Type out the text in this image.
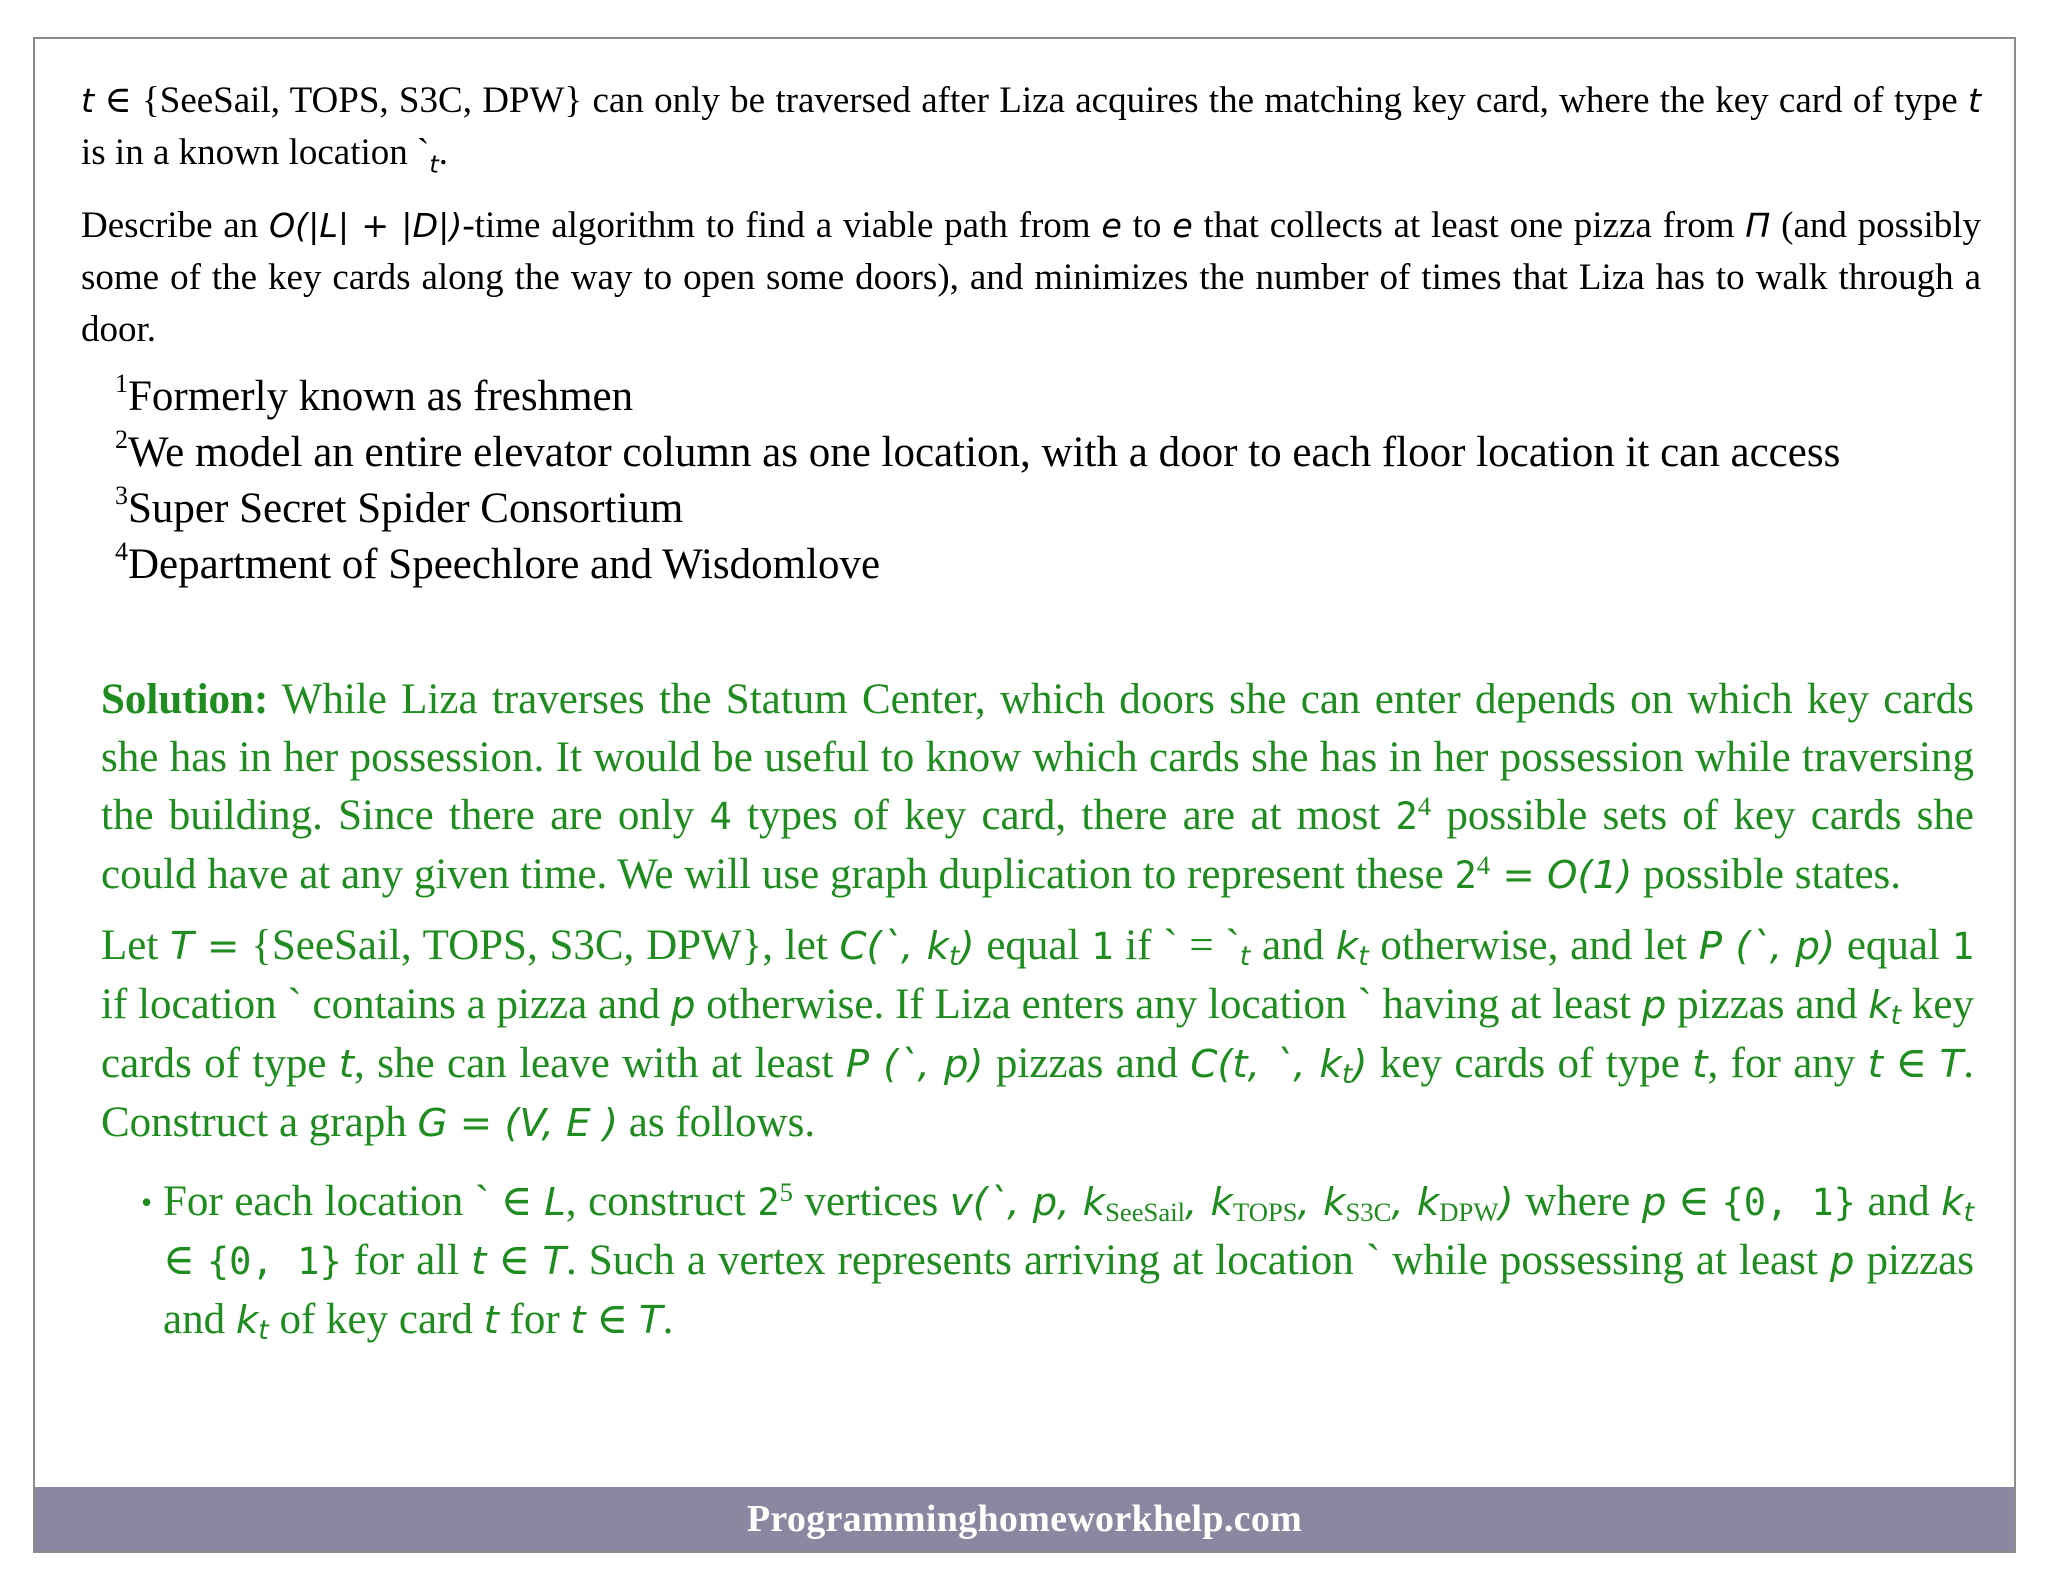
t ∈ {SeeSail, TOPS, S3C, DPW} can only be traversed after Liza acquires the matching key card, where the key card of type t is in a known location $`_t$.

Describe an O(|L| + |D|)-time algorithm to find a viable path from e to e that collects at least one pizza from Π (and possibly some of the key cards along the way to open some doors), and minimizes the number of times that Liza has to walk through a door.

$^1$Formerly known as freshmen
$^2$We model an entire elevator column as one location, with a door to each floor location it can access
$^3$Super Secret Spider Consortium
$^4$Department of Speechlore and Wisdomlove

Solution: While Liza traverses the Statum Center, which doors she can enter depends on which key cards she has in her possession. It would be useful to know which cards she has in her possession while traversing the building. Since there are only 4 types of key card, there are at most $2^4$ possible sets of key cards she could have at any given time. We will use graph duplication to represent these $2^4 = O(1)$ possible states.

Let T = {SeeSail, TOPS, S3C, DPW}, let C(`, $k_t$) equal 1 if ` = $`_t$ and $k_t$ otherwise, and let P (`, p) equal 1 if location ` contains a pizza and p otherwise. If Liza enters any location ` having at least p pizzas and $k_t$ key cards of type t, she can leave with at least P (`, p) pizzas and C(t, `, $k_t$) key cards of type t, for any t ∈ T. Construct a graph G = (V, E ) as follows.

• For each location ` ∈ L, construct $2^5$ vertices v(`, p, $k_{SeeSail}$, $k_{TOPS}$, $k_{S3C}$, $k_{DPW}$) where p ∈ {0, 1} and $k_t$ ∈ {0, 1} for all t ∈ T. Such a vertex represents arriving at location ` while possessing at least p pizzas and $k_t$ of key card t for t ∈ T.
Programminghomeworkhelp.com
